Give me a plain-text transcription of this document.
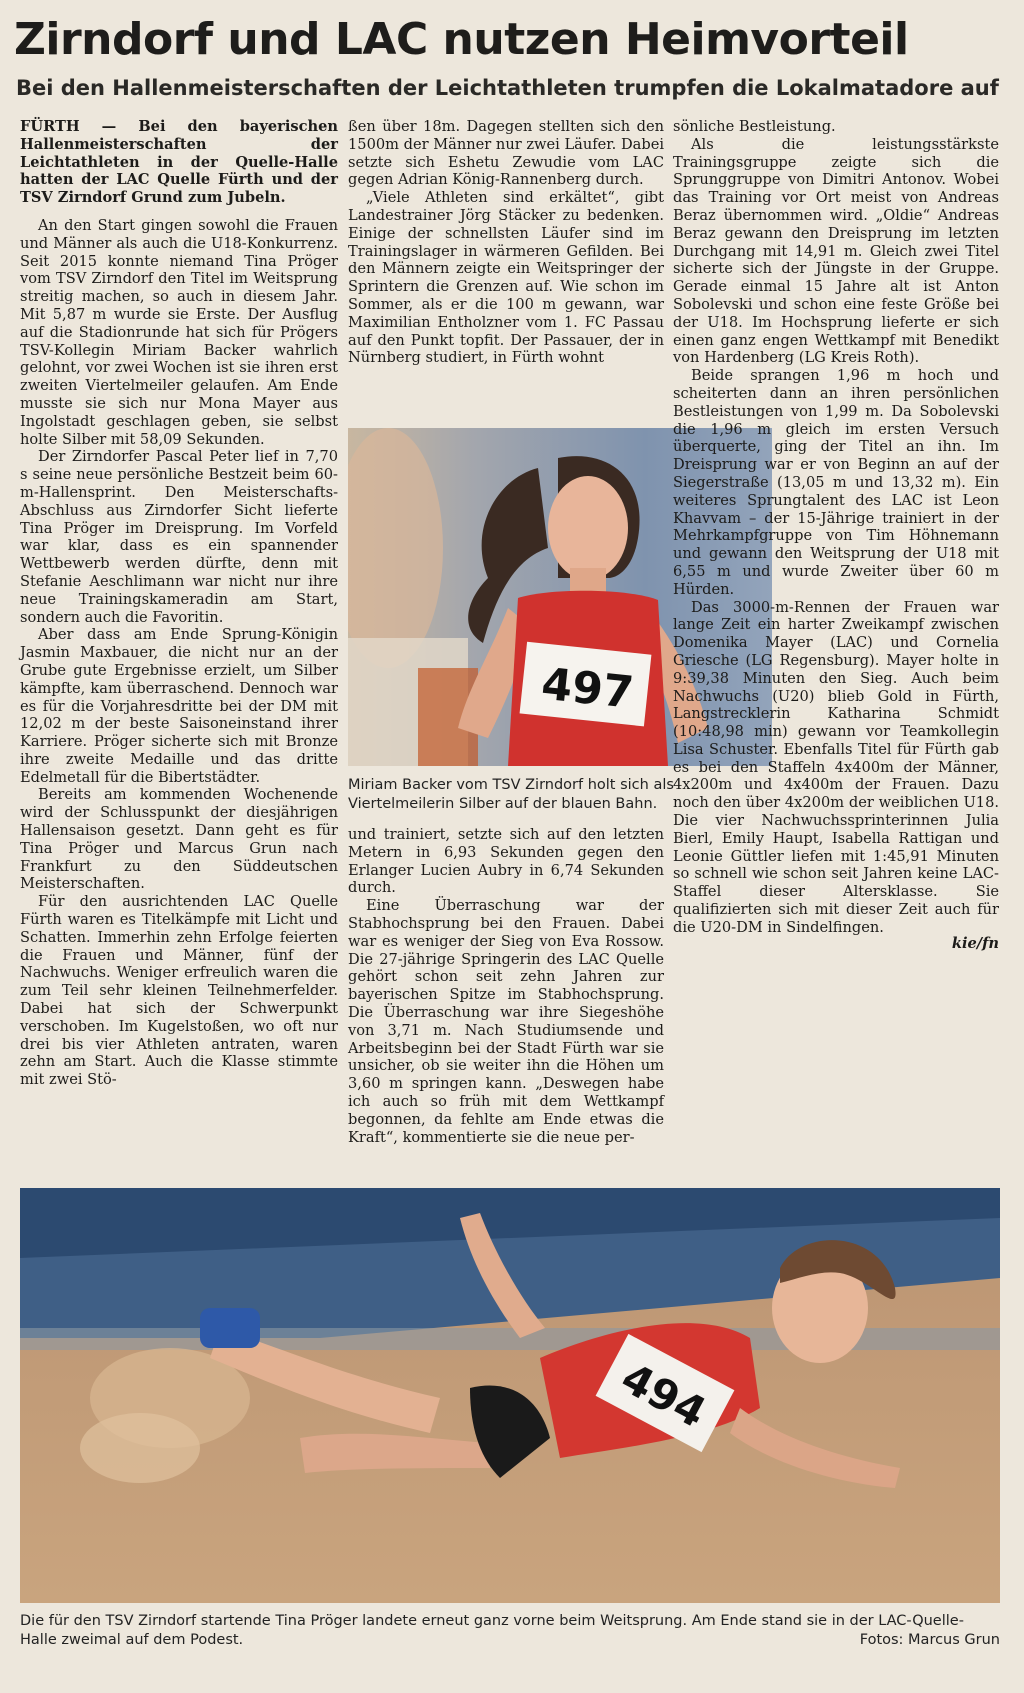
Zirndorf und LAC nutzen Heimvorteil
Bei den Hallenmeisterschaften der Leichtathleten trumpfen die Lokalmatadore auf

FÜRTH — Bei den bayerischen Hallenmeisterschaften der Leichtathleten in der Quelle-Halle hatten der LAC Quelle Fürth und der TSV Zirndorf Grund zum Jubeln.

An den Start gingen sowohl die Frauen und Männer als auch die U18-Konkurrenz. Seit 2015 konnte niemand Tina Pröger vom TSV Zirndorf den Titel im Weitsprung streitig machen, so auch in diesem Jahr. Mit 5,87 m wurde sie Erste. Der Ausflug auf die Stadionrunde hat sich für Prögers TSV-Kollegin Miriam Backer wahrlich gelohnt, vor zwei Wochen ist sie ihren erst zweiten Viertelmeiler gelaufen. Am Ende musste sie sich nur Mona Mayer aus Ingolstadt geschlagen geben, sie selbst holte Silber mit 58,09 Sekunden.

Der Zirndorfer Pascal Peter lief in 7,70 s seine neue persönliche Bestzeit beim 60-m-Hallensprint. Den Meisterschafts-Abschluss aus Zirndorfer Sicht lieferte Tina Pröger im Dreisprung. Im Vorfeld war klar, dass es ein spannender Wettbewerb werden dürfte, denn mit Stefanie Aeschlimann war nicht nur ihre neue Trainingskameradin am Start, sondern auch die Favoritin.

Aber dass am Ende Sprung-Königin Jasmin Maxbauer, die nicht nur an der Grube gute Ergebnisse erzielt, um Silber kämpfte, kam überraschend. Dennoch war es für die Vorjahresdritte bei der DM mit 12,02 m der beste Saisoneinstand ihrer Karriere. Pröger sicherte sich mit Bronze ihre zweite Medaille und das dritte Edelmetall für die Bibertstädter.

Bereits am kommenden Wochenende wird der Schlusspunkt der diesjährigen Hallensaison gesetzt. Dann geht es für Tina Pröger und Marcus Grun nach Frankfurt zu den Süddeutschen Meisterschaften.

Für den ausrichtenden LAC Quelle Fürth waren es Titelkämpfe mit Licht und Schatten. Immerhin zehn Erfolge feierten die Frauen und Männer, fünf der Nachwuchs. Weniger erfreulich waren die zum Teil sehr kleinen Teilnehmerfelder. Dabei hat sich der Schwerpunkt verschoben. Im Kugelstoßen, wo oft nur drei bis vier Athleten antraten, waren zehn am Start. Auch die Klasse stimmte mit zwei Stö-

ßen über 18m. Dagegen stellten sich den 1500m der Männer nur zwei Läufer. Dabei setzte sich Eshetu Zewudie vom LAC gegen Adrian König-Rannenberg durch.

„Viele Athleten sind erkältet“, gibt Landestrainer Jörg Stäcker zu bedenken. Einige der schnellsten Läufer sind im Trainingslager in wärmeren Gefilden. Bei den Männern zeigte ein Weitspringer der Sprintern die Grenzen auf. Wie schon im Sommer, als er die 100 m gewann, war Maximilian Entholzner vom 1. FC Passau auf den Punkt topfit. Der Passauer, der in Nürnberg studiert, in Fürth wohnt

497
Miriam Backer vom TSV Zirndorf holt sich als Viertelmeilerin Silber auf der blauen Bahn.

und trainiert, setzte sich auf den letzten Metern in 6,93 Sekunden gegen den Erlanger Lucien Aubry in 6,74 Sekunden durch.

Eine Überraschung war der Stabhochsprung bei den Frauen. Dabei war es weniger der Sieg von Eva Rossow. Die 27-jährige Springerin des LAC Quelle gehört schon seit zehn Jahren zur bayerischen Spitze im Stabhochsprung. Die Überraschung war ihre Siegeshöhe von 3,71 m. Nach Studiumsende und Arbeitsbeginn bei der Stadt Fürth war sie unsicher, ob sie weiter ihn die Höhen um 3,60 m springen kann. „Deswegen habe ich auch so früh mit dem Wettkampf begonnen, da fehlte am Ende etwas die Kraft“, kommentierte sie die neue per-

sönliche Bestleistung.

Als die leistungsstärkste Trainingsgruppe zeigte sich die Sprunggruppe von Dimitri Antonov. Wobei das Training vor Ort meist von Andreas Beraz übernommen wird. „Oldie“ Andreas Beraz gewann den Dreisprung im letzten Durchgang mit 14,91 m. Gleich zwei Titel sicherte sich der Jüngste in der Gruppe. Gerade einmal 15 Jahre alt ist Anton Sobolevski und schon eine feste Größe bei der U18. Im Hochsprung lieferte er sich einen ganz engen Wettkampf mit Benedikt von Hardenberg (LG Kreis Roth).

Beide sprangen 1,96 m hoch und scheiterten dann an ihren persönlichen Bestleistungen von 1,99 m. Da Sobolevski die 1,96 m gleich im ersten Versuch überquerte, ging der Titel an ihn. Im Dreisprung war er von Beginn an auf der Siegerstraße (13,05 m und 13,32 m). Ein weiteres Sprungtalent des LAC ist Leon Khavvam – der 15-Jährige trainiert in der Mehrkampfgruppe von Tim Höhnemann und gewann den Weitsprung der U18 mit 6,55 m und wurde Zweiter über 60 m Hürden.

Das 3000-m-Rennen der Frauen war lange Zeit ein harter Zweikampf zwischen Domenika Mayer (LAC) und Cornelia Griesche (LG Regensburg). Mayer holte in 9:39,38 Minuten den Sieg. Auch beim Nachwuchs (U20) blieb Gold in Fürth, Langstrecklerin Katharina Schmidt (10:48,98 min) gewann vor Teamkollegin Lisa Schuster. Ebenfalls Titel für Fürth gab es bei den Staffeln 4x400m der Männer, 4x200m und 4x400m der Frauen. Dazu noch den über 4x200m der weiblichen U18. Die vier Nachwuchssprinterinnen Julia Bierl, Emily Haupt, Isabella Rattigan und Leonie Güttler liefen mit 1:45,91 Minuten so schnell wie schon seit Jahren keine LAC-Staffel dieser Altersklasse. Sie qualifizierten sich mit dieser Zeit auch für die U20-DM in Sindelfingen.

kie/fn

494
Die für den TSV Zirndorf startende Tina Pröger landete erneut ganz vorne beim Weitsprung. Am Ende stand sie in der LAC-Quelle-Halle zweimal auf dem Podest.	Fotos: Marcus Grun
